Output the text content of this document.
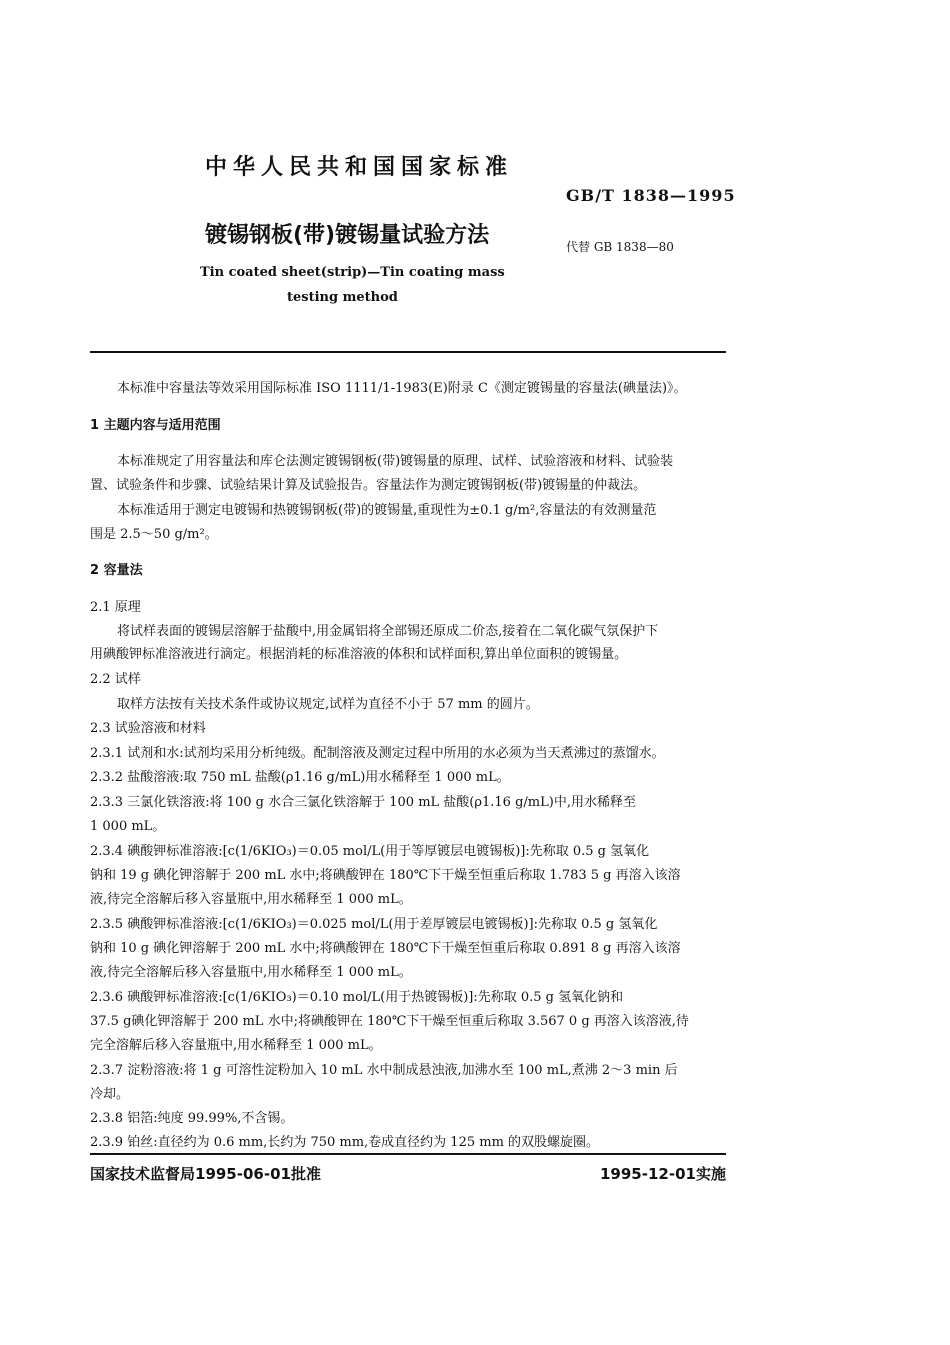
中华人民共和国国家标准
GB/T 1838—1995
镀锡钢板(带)镀锡量试验方法	代替 GB 1838—80
Tin coated sheet(strip)—Tin coating mass
testing method
本标准中容量法等效采用国际标准 ISO 1111/1-1983(E)附录 C《测定镀锡量的容量法(碘量法)》。
1 主题内容与适用范围
本标准规定了用容量法和库仑法测定镀锡钢板(带)镀锡量的原理、试样、试验溶液和材料、试验装
置、试验条件和步骤、试验结果计算及试验报告。容量法作为测定镀锡钢板(带)镀锡量的仲裁法。
本标准适用于测定电镀锡和热镀锡钢板(带)的镀锡量,重现性为±0.1 g/m²,容量法的有效测量范
围是 2.5～50 g/m²。
2 容量法
2.1 原理
将试样表面的镀锡层溶解于盐酸中,用金属铝将全部锡还原成二价态,接着在二氧化碳气氛保护下
用碘酸钾标准溶液进行滴定。根据消耗的标准溶液的体积和试样面积,算出单位面积的镀锡量。
2.2 试样
取样方法按有关技术条件或协议规定,试样为直径不小于 57 mm 的圆片。
2.3 试验溶液和材料
2.3.1 试剂和水:试剂均采用分析纯级。配制溶液及测定过程中所用的水必须为当天煮沸过的蒸馏水。
2.3.2 盐酸溶液:取 750 mL 盐酸(ρ1.16 g/mL)用水稀释至 1 000 mL。
2.3.3 三氯化铁溶液:将 100 g 水合三氯化铁溶解于 100 mL 盐酸(ρ1.16 g/mL)中,用水稀释至
1 000 mL。
2.3.4 碘酸钾标准溶液:[c(1/6KIO₃)＝0.05 mol/L(用于等厚镀层电镀锡板)]:先称取 0.5 g 氢氧化
钠和 19 g 碘化钾溶解于 200 mL 水中;将碘酸钾在 180℃下干燥至恒重后称取 1.783 5 g 再溶入该溶
液,待完全溶解后移入容量瓶中,用水稀释至 1 000 mL。
2.3.5 碘酸钾标准溶液:[c(1/6KIO₃)＝0.025 mol/L(用于差厚镀层电镀锡板)]:先称取 0.5 g 氢氧化
钠和 10 g 碘化钾溶解于 200 mL 水中;将碘酸钾在 180℃下干燥至恒重后称取 0.891 8 g 再溶入该溶
液,待完全溶解后移入容量瓶中,用水稀释至 1 000 mL。
2.3.6 碘酸钾标准溶液:[c(1/6KIO₃)＝0.10 mol/L(用于热镀锡板)]:先称取 0.5 g 氢氧化钠和
37.5 g碘化钾溶解于 200 mL 水中;将碘酸钾在 180℃下干燥至恒重后称取 3.567 0 g 再溶入该溶液,待
完全溶解后移入容量瓶中,用水稀释至 1 000 mL。
2.3.7 淀粉溶液:将 1 g 可溶性淀粉加入 10 mL 水中制成悬浊液,加沸水至 100 mL,煮沸 2～3 min 后
冷却。
2.3.8 铝箔:纯度 99.99%,不含锡。
2.3.9 铂丝:直径约为 0.6 mm,长约为 750 mm,卷成直径约为 125 mm 的双股螺旋圈。
国家技术监督局1995-06-01批准	1995-12-01实施
